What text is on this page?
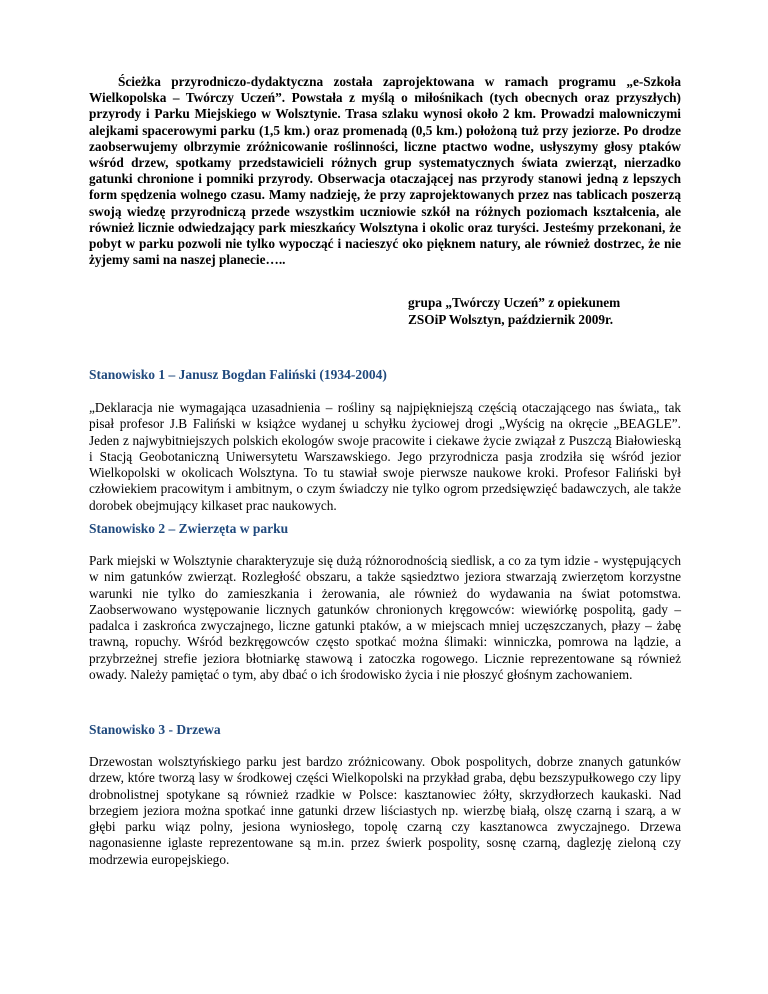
Ścieżka przyrodniczo-dydaktyczna została zaprojektowana w ramach programu „e-Szkoła Wielkopolska – Twórczy Uczeń”. Powstała z myślą o miłośnikach (tych obecnych oraz przyszłych) przyrody i Parku Miejskiego w Wolsztynie. Trasa szlaku wynosi około 2 km. Prowadzi malowniczymi alejkami spacerowymi parku (1,5 km.) oraz promenadą (0,5 km.) położoną tuż przy jeziorze. Po drodze zaobserwujemy olbrzymie zróżnicowanie roślinności, liczne ptactwo wodne, usłyszymy głosy ptaków wśród drzew, spotkamy przedstawicieli różnych grup systematycznych świata zwierząt, nierzadko gatunki chronione i pomniki przyrody. Obserwacja otaczającej nas przyrody stanowi jedną z lepszych form spędzenia wolnego czasu. Mamy nadzieję, że przy zaprojektowanych przez nas tablicach poszerzą swoją wiedzę przyrodniczą przede wszystkim uczniowie szkół na różnych poziomach kształcenia, ale również licznie odwiedzający park mieszkańcy Wolsztyna i okolic oraz turyści. Jesteśmy przekonani, że pobyt w parku pozwoli nie tylko wypocząć i nacieszyć oko pięknem natury, ale również dostrzec, że nie żyjemy sami na naszej planecie…..

grupa „Twórczy Uczeń” z opiekunem
ZSOiP Wolsztyn, październik 2009r.
Stanowisko 1 – Janusz Bogdan Faliński (1934-2004)

„Deklaracja nie wymagająca uzasadnienia – rośliny są najpiękniejszą częścią otaczającego nas świata„ tak pisał profesor J.B Faliński w książce wydanej u schyłku życiowej drogi „Wyścig na okręcie „BEAGLE”. Jeden z najwybitniejszych polskich ekologów swoje pracowite i ciekawe życie związał z Puszczą Białowieską i Stacją Geobotaniczną Uniwersytetu Warszawskiego. Jego przyrodnicza pasja zrodziła się wśród jezior Wielkopolski w okolicach Wolsztyna. To tu stawiał swoje pierwsze naukowe kroki. Profesor Faliński był człowiekiem pracowitym i ambitnym, o czym świadczy nie tylko ogrom przedsięwzięć badawczych, ale także dorobek obejmujący kilkaset prac naukowych.

Stanowisko 2 – Zwierzęta w parku

Park miejski w Wolsztynie charakteryzuje się dużą różnorodnością siedlisk, a co za tym idzie - występujących w nim gatunków zwierząt. Rozległość obszaru, a także sąsiedztwo jeziora stwarzają zwierzętom korzystne warunki nie tylko do zamieszkania i żerowania, ale również do wydawania na świat potomstwa. Zaobserwowano występowanie licznych gatunków chronionych kręgowców: wiewiórkę pospolitą, gady – padalca i zaskrońca zwyczajnego, liczne gatunki ptaków, a w miejscach mniej uczęszczanych, płazy – żabę trawną, ropuchy. Wśród bezkręgowców często spotkać można ślimaki: winniczka, pomrowa na lądzie, a przybrzeżnej strefie jeziora błotniarkę stawową i zatoczka rogowego. Licznie reprezentowane są również owady. Należy pamiętać o tym, aby dbać o ich środowisko życia i nie płoszyć głośnym zachowaniem.

Stanowisko 3 - Drzewa

Drzewostan wolsztyńskiego parku jest bardzo zróżnicowany. Obok pospolitych, dobrze znanych gatunków drzew, które tworzą lasy w środkowej części Wielkopolski na przykład graba, dębu bezszypułkowego czy lipy drobnolistnej spotykane są również rzadkie w Polsce: kasztanowiec żółty, skrzydłorzech kaukaski. Nad brzegiem jeziora można spotkać inne gatunki drzew liściastych np. wierzbę białą, olszę czarną i szarą, a w głębi parku wiąz polny, jesiona wyniosłego, topolę czarną czy kasztanowca zwyczajnego. Drzewa nagonasienne iglaste reprezentowane są m.in. przez świerk pospolity, sosnę czarną, daglezję zieloną czy modrzewia europejskiego.
